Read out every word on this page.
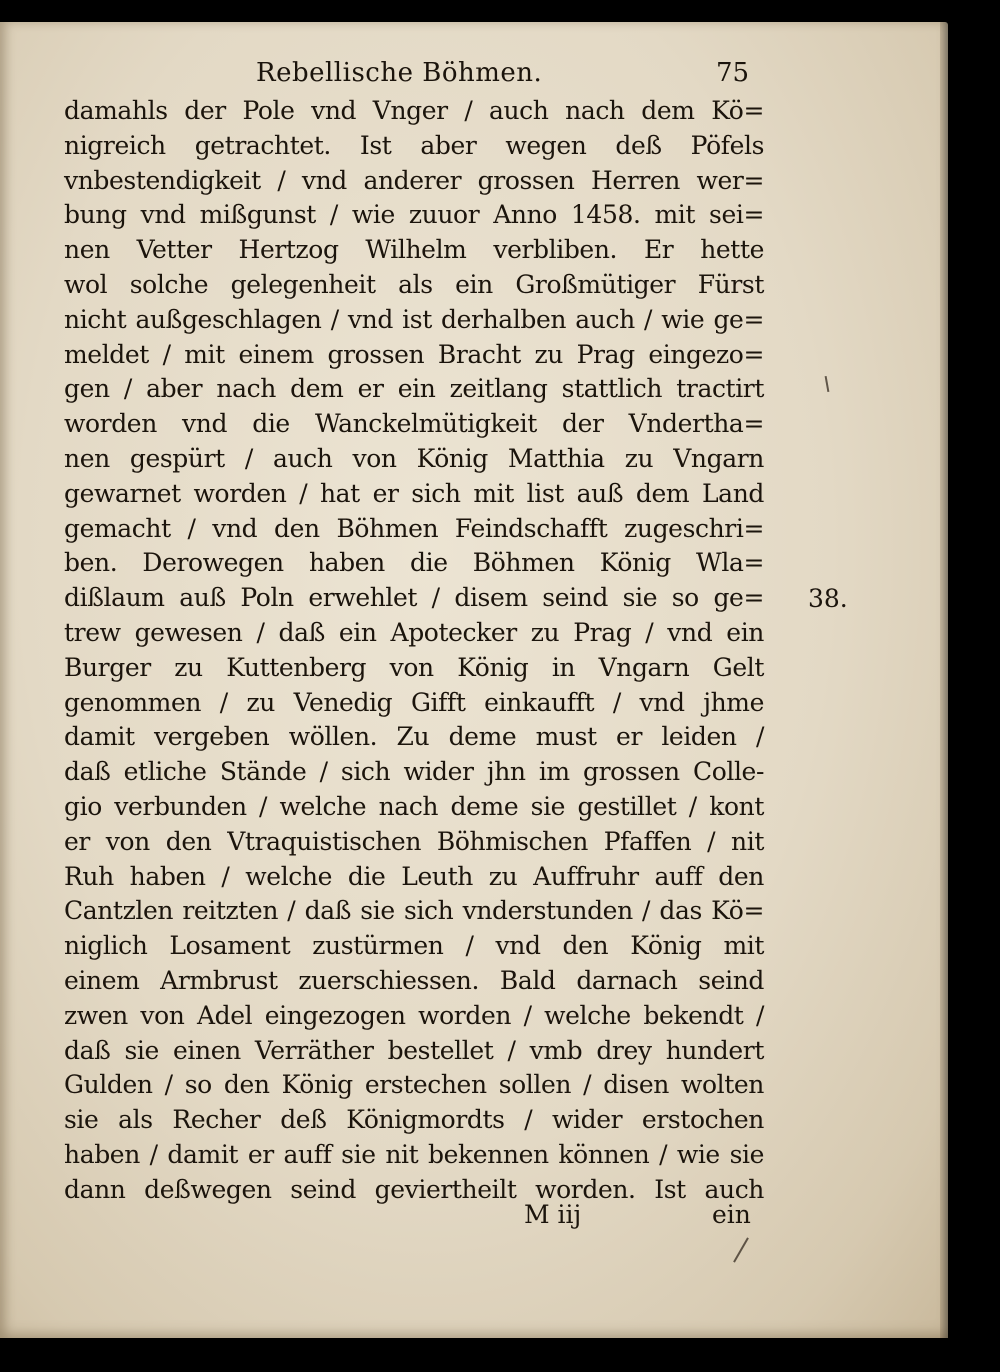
Rebellische Böhmen.	75
damahls der Pole vnd Vnger / auch nach dem Kö=
nigreich getrachtet. Ist aber wegen deß Pöfels
vnbestendigkeit / vnd anderer grossen Herren wer=
bung vnd mißgunst / wie zuuor Anno 1458. mit sei=
nen Vetter Hertzog Wilhelm verbliben. Er hette
wol solche gelegenheit als ein Großmütiger Fürst
nicht außgeschlagen / vnd ist derhalben auch / wie ge=
meldet / mit einem grossen Bracht zu Prag eingezo=
gen / aber nach dem er ein zeitlang stattlich tractirt
worden vnd die Wanckelmütigkeit der Vndertha=
nen gespürt / auch von König Matthia zu Vngarn
gewarnet worden / hat er sich mit list auß dem Land
gemacht / vnd den Böhmen Feindschafft zugeschri=
ben. Derowegen haben die Böhmen König Wla=
dißlaum auß Poln erwehlet / disem seind sie so ge=
trew gewesen / daß ein Apotecker zu Prag / vnd ein
Burger zu Kuttenberg von König in Vngarn Gelt
genommen / zu Venedig Gifft einkaufft / vnd jhme
damit vergeben wöllen. Zu deme must er leiden /
daß etliche Stände / sich wider jhn im grossen Colle-
gio verbunden / welche nach deme sie gestillet / kont
er von den Vtraquistischen Böhmischen Pfaffen / nit
Ruh haben / welche die Leuth zu Auffruhr auff den
Cantzlen reitzten / daß sie sich vnderstunden / das Kö=
niglich Losament zustürmen / vnd den König mit
einem Armbrust zuerschiessen. Bald darnach seind
zwen von Adel eingezogen worden / welche bekendt /
daß sie einen Verräther bestellet / vmb drey hundert
Gulden / so den König erstechen sollen / disen wolten
sie als Recher deß Königmordts / wider erstochen
haben / damit er auff sie nit bekennen können / wie sie
dann deßwegen seind geviertheilt worden. Ist auch
38.
M iij	ein
